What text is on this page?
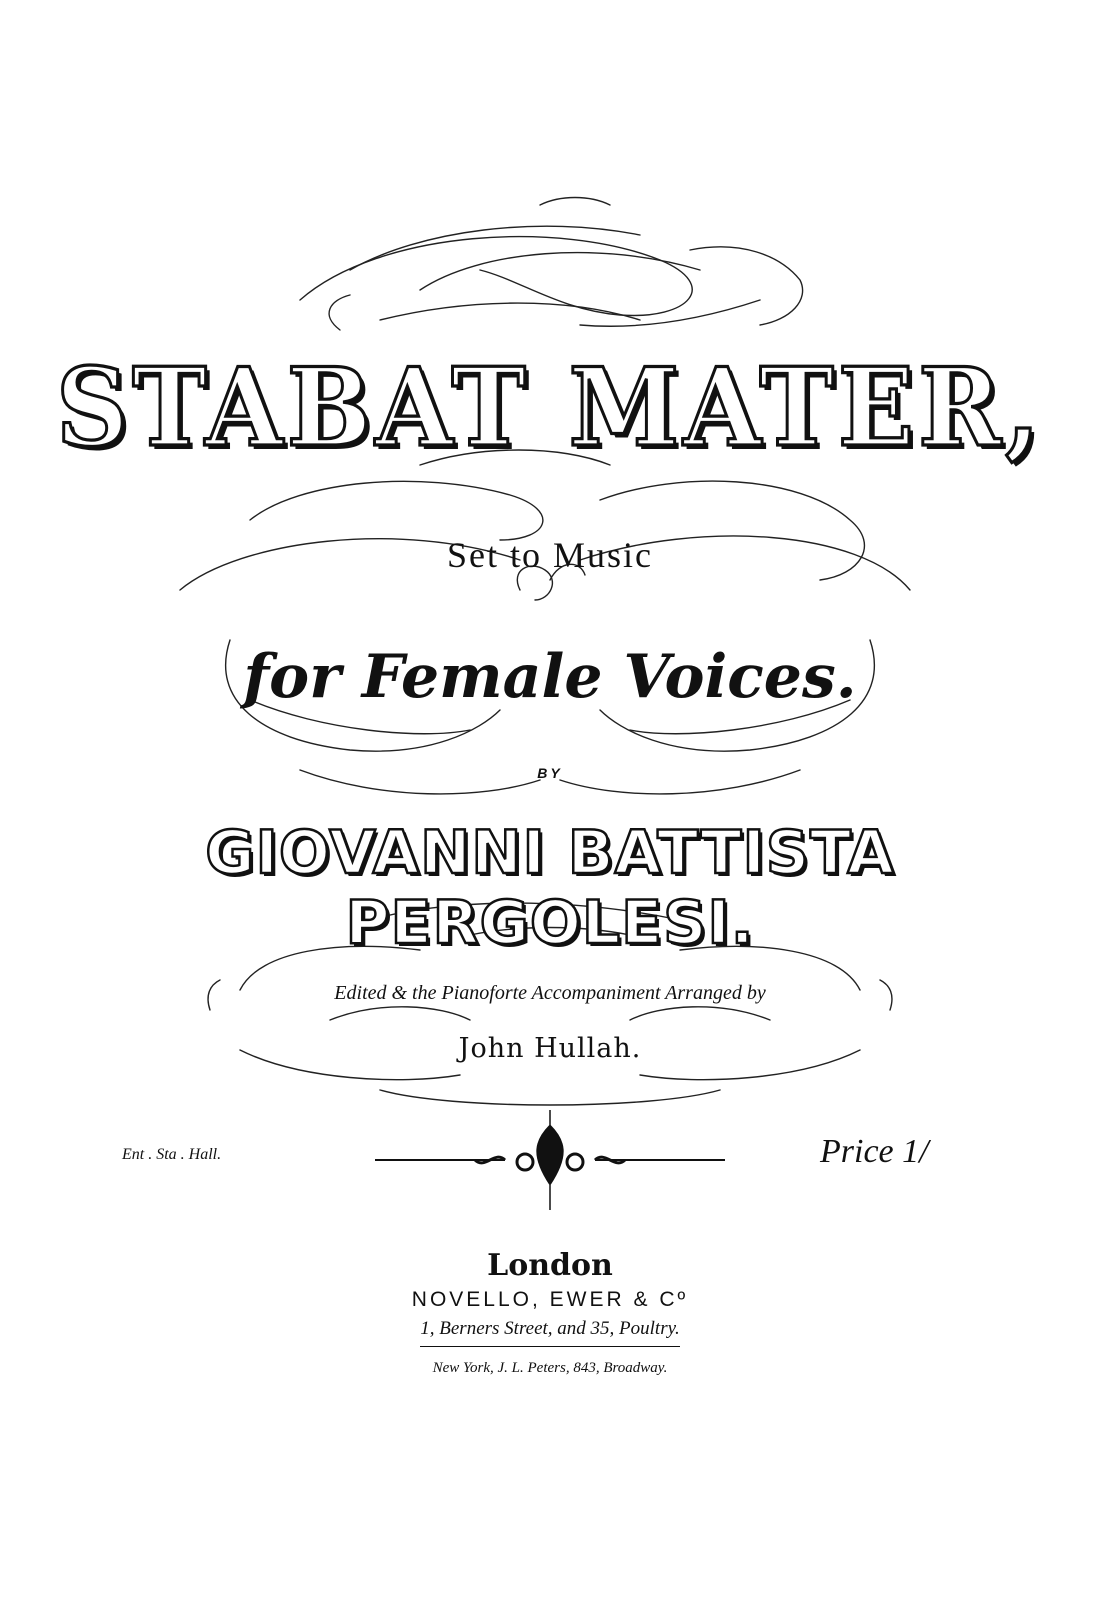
STABAT MATER,
Set to Music
for Female Voices.
BY
GIOVANNI BATTISTA PERGOLESI.
Edited & the Pianoforte Accompaniment Arranged by
John Hullah.
Ent . Sta . Hall.	Price 1/
London
NOVELLO, EWER & Cº
1, Berners Street, and 35, Poultry.
New York, J. L. Peters, 843, Broadway.
